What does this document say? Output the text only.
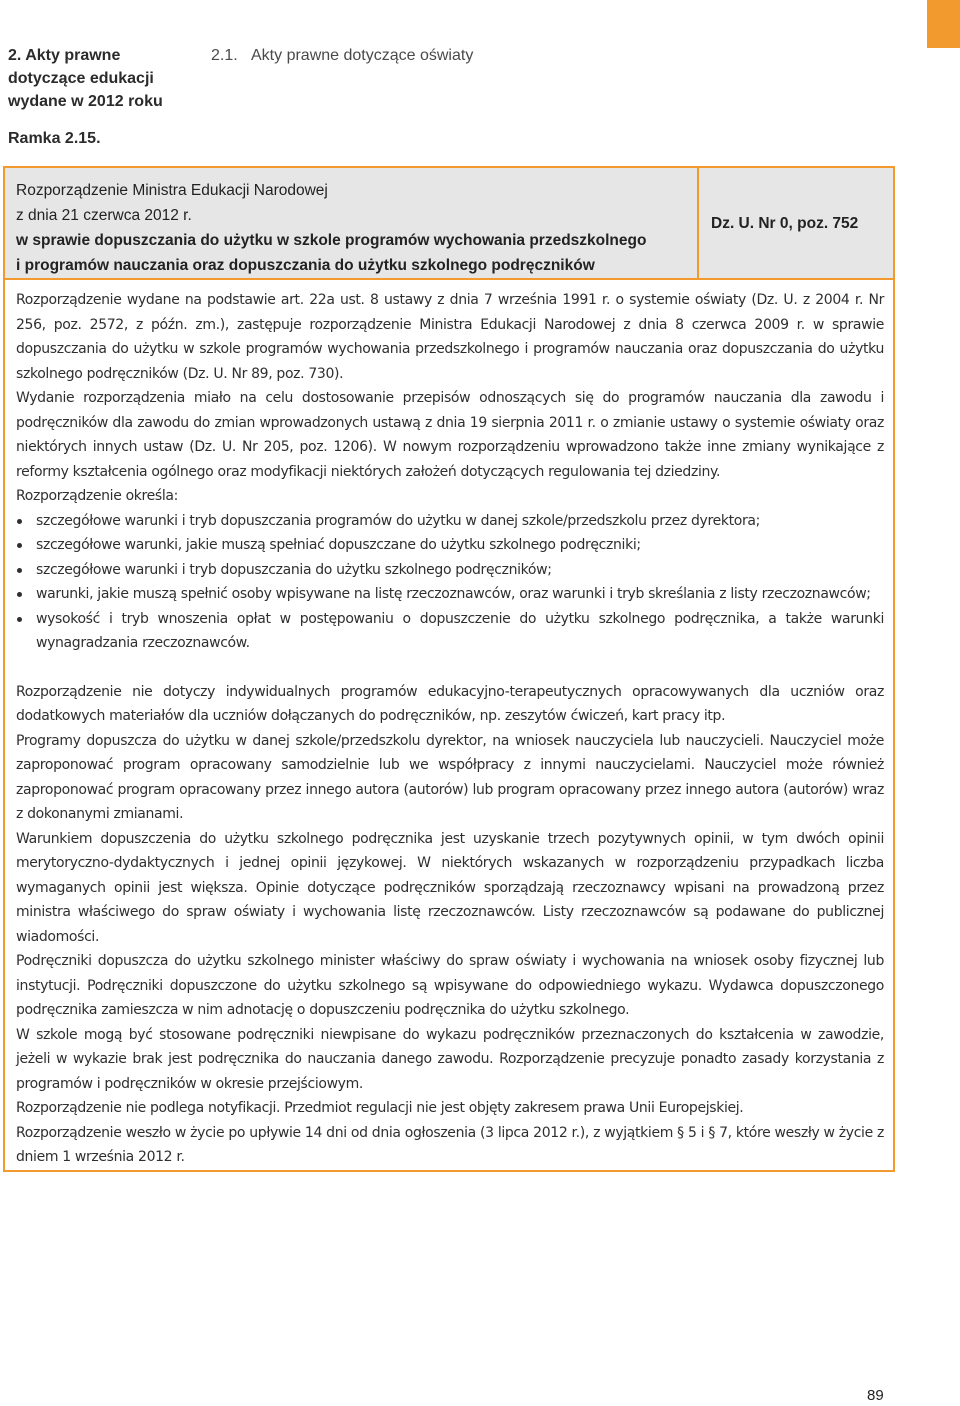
2. Akty prawne
dotyczące edukacji
wydane w 2012 roku
2.1. Akty prawne dotyczące oświaty
Ramka 2.15.
Rozporządzenie Ministra Edukacji Narodowej
z dnia 21 czerwca 2012 r.
w sprawie dopuszczania do użytku w szkole programów wychowania przedszkolnego
i programów nauczania oraz dopuszczania do użytku szkolnego podręczników
Dz. U. Nr 0, poz. 752

Rozporządzenie wydane na podstawie art. 22a ust. 8 ustawy z dnia 7 września 1991 r. o systemie oświaty (Dz. U. z 2004 r. Nr 256, poz. 2572, z późn. zm.), zastępuje rozporządzenie Ministra Edukacji Narodowej z dnia 8 czerwca 2009 r. w sprawie dopuszczania do użytku w szkole programów wychowania przedszkolnego i programów nauczania oraz dopuszczania do użytku szkolnego podręczników (Dz. U. Nr 89, poz. 730).

Wydanie rozporządzenia miało na celu dostosowanie przepisów odnoszących się do programów nauczania dla zawodu i podręczników dla zawodu do zmian wprowadzonych ustawą z dnia 19 sierpnia 2011 r. o zmianie ustawy o systemie oświaty oraz niektórych innych ustaw (Dz. U. Nr 205, poz. 1206). W nowym rozporządzeniu wprowadzono także inne zmiany wynikające z reformy kształcenia ogólnego oraz modyfikacji niektórych założeń dotyczących regulowania tej dziedziny.

Rozporządzenie określa:

szczegółowe warunki i tryb dopuszczania programów do użytku w danej szkole/przedszkolu przez dyrektora;
szczegółowe warunki, jakie muszą spełniać dopuszczane do użytku szkolnego podręczniki;
szczegółowe warunki i tryb dopuszczania do użytku szkolnego podręczników;
warunki, jakie muszą spełnić osoby wpisywane na listę rzeczoznawców, oraz warunki i tryb skreślania z listy rzeczoznawców;
wysokość i tryb wnoszenia opłat w postępowaniu o dopuszczenie do użytku szkolnego podręcznika, a także warunki wynagradzania rzeczoznawców.

Rozporządzenie nie dotyczy indywidualnych programów edukacyjno-terapeutycznych opracowywanych dla uczniów oraz dodatkowych materiałów dla uczniów dołączanych do podręczników, np. zeszytów ćwiczeń, kart pracy itp.

Programy dopuszcza do użytku w danej szkole/przedszkolu dyrektor, na wniosek nauczyciela lub nauczycieli. Nauczyciel może zaproponować program opracowany samodzielnie lub we współpracy z innymi nauczycielami. Nauczyciel może również zaproponować program opracowany przez innego autora (autorów) lub program opracowany przez innego autora (autorów) wraz z dokonanymi zmianami.

Warunkiem dopuszczenia do użytku szkolnego podręcznika jest uzyskanie trzech pozytywnych opinii, w tym dwóch opinii merytoryczno-dydaktycznych i jednej opinii językowej. W niektórych wskazanych w rozporządzeniu przypadkach liczba wymaganych opinii jest większa. Opinie dotyczące podręczników sporządzają rzeczoznawcy wpisani na prowadzoną przez ministra właściwego do spraw oświaty i wychowania listę rzeczoznawców. Listy rzeczoznawców są podawane do publicznej wiadomości.

Podręczniki dopuszcza do użytku szkolnego minister właściwy do spraw oświaty i wychowania na wniosek osoby fizycznej lub instytucji. Podręczniki dopuszczone do użytku szkolnego są wpisywane do odpowiedniego wykazu. Wydawca dopuszczonego podręcznika zamieszcza w nim adnotację o dopuszczeniu podręcznika do użytku szkolnego.

W szkole mogą być stosowane podręczniki niewpisane do wykazu podręczników przeznaczonych do kształcenia w zawodzie, jeżeli w wykazie brak jest podręcznika do nauczania danego zawodu. Rozporządzenie precyzuje ponadto zasady korzystania z programów i podręczników w okresie przejściowym.

Rozporządzenie nie podlega notyfikacji. Przedmiot regulacji nie jest objęty zakresem prawa Unii Europejskiej.

Rozporządzenie weszło w życie po upływie 14 dni od dnia ogłoszenia (3 lipca 2012 r.), z wyjątkiem § 5 i § 7, które weszły w życie z dniem 1 września 2012 r.

89
